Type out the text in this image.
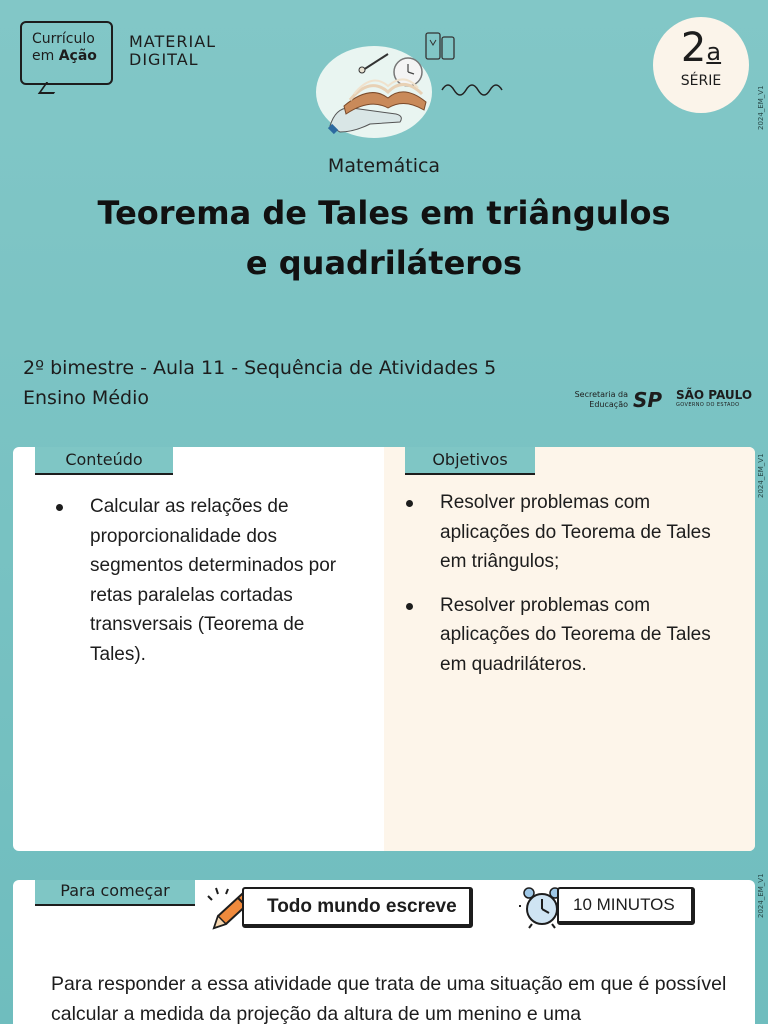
Currículo
em Ação
MATERIAL
DIGITAL	2$^a$
SÉRIE
2024_EM_V1
2024_EM_V1
2024_EM_V1
Matemática
Teorema de Tales em triângulos e quadriláteros
2º bimestre - Aula 11 - Sequência de Atividades 5
Ensino Médio	Secretaria da
Educação SP SÃO PAULO
GOVERNO DO ESTADO
Conteúdo	Objetivos
Calcular as relações de proporcionalidade dos segmentos determinados por retas paralelas cortadas transversais (Teorema de Tales).
Resolver problemas com aplicações do Teorema de Tales em triângulos;
Resolver problemas com aplicações do Teorema de Tales em quadriláteros.
Para começar
Todo mundo escreve	10 MINUTOS
Para responder a essa atividade que trata de uma situação em que é possível calcular a medida da projeção da altura de um menino e uma
